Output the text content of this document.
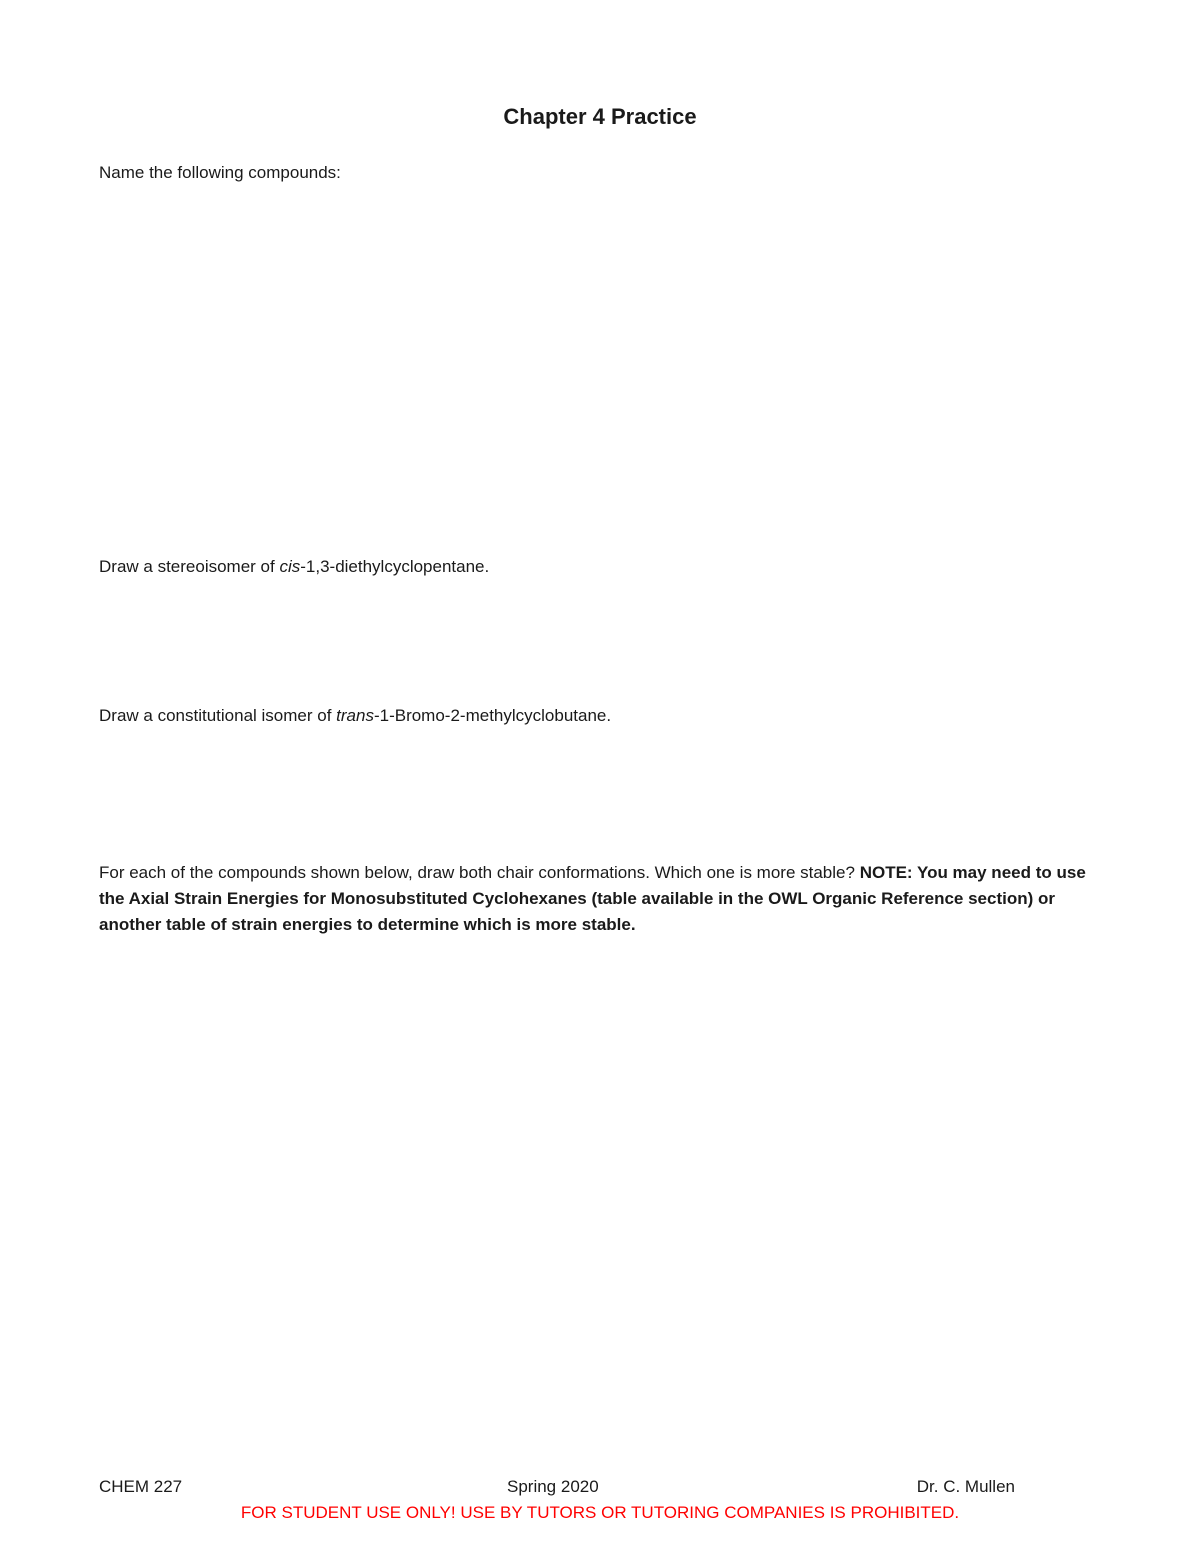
Chapter 4 Practice
Name the following compounds:
Draw a stereoisomer of cis-1,3-diethylcyclopentane.
Draw a constitutional isomer of trans-1-Bromo-2-methylcyclobutane.
For each of the compounds shown below, draw both chair conformations. Which one is more stable? NOTE: You may need to use the Axial Strain Energies for Monosubstituted Cyclohexanes (table available in the OWL Organic Reference section) or another table of strain energies to determine which is more stable.
CHEM 227	Spring 2020	Dr. C. Mullen
FOR STUDENT USE ONLY! USE BY TUTORS OR TUTORING COMPANIES IS PROHIBITED.
